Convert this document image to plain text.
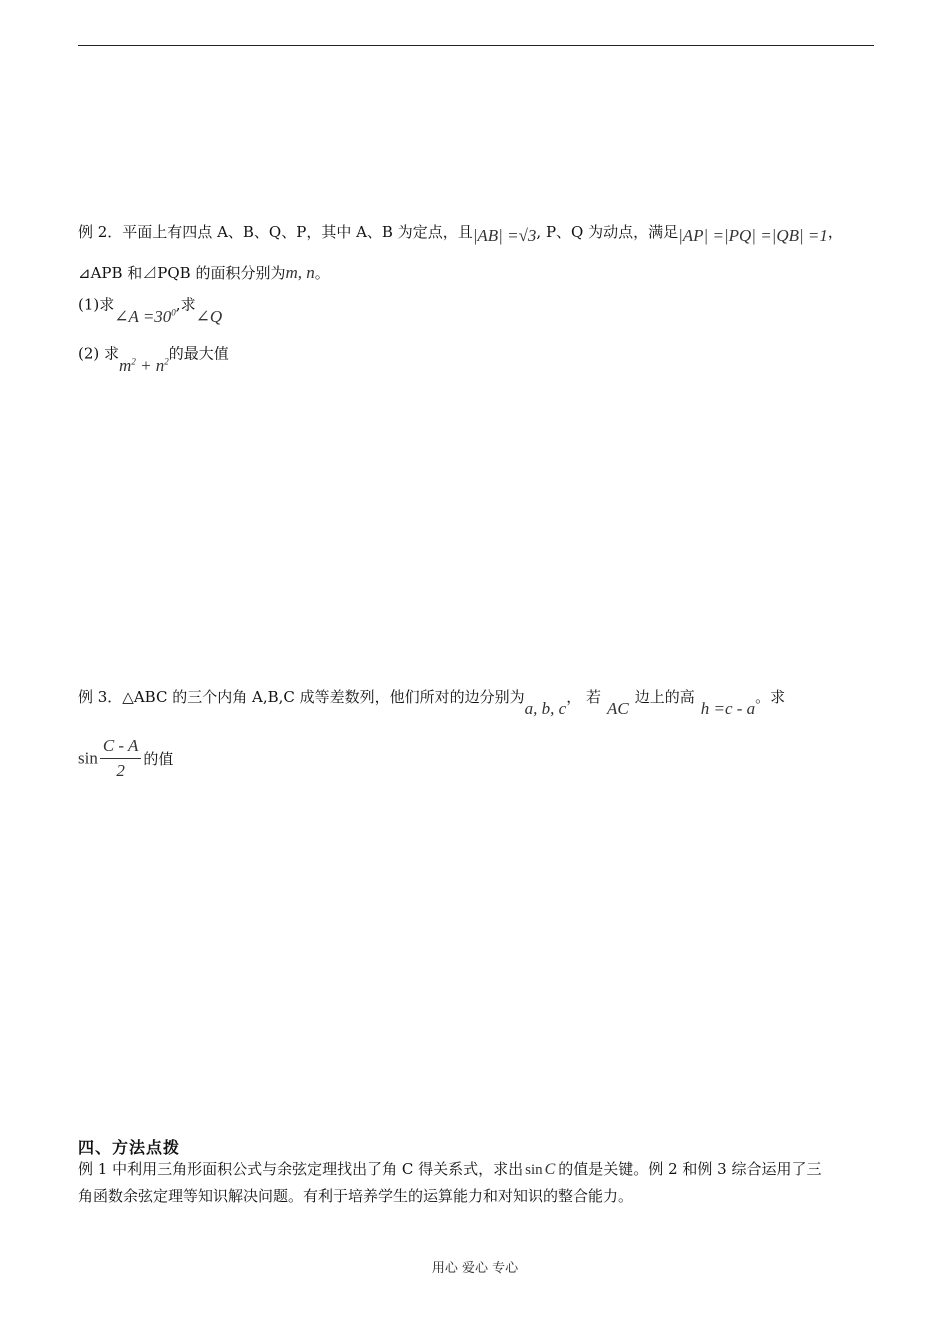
例 2．平面上有四点 A、B、Q、P，其中 A、B 为定点，且|AB| =√3, P、Q 为动点，满足|AP| =|PQ| =|QB| =1，
⊿APB 和⊿PQB 的面积分别为m, n。
(1)求∠A $=30^0$,求∠Q
(2) 求$m^2 + n^2$的最大值
例 3．△ABC 的三个内角 A,B,C 成等差数列，他们所对的边分别为a, b, c， 若AC边上的高h =c - a。求
$\sin \frac{C - A}{2}$ 的值
四、方法点拨
例 1 中利用三角形面积公式与余弦定理找出了角 C 得关系式，求出 sin C 的值是关键。例 2 和例 3 综合运用了三
角函数余弦定理等知识解决问题。有利于培养学生的运算能力和对知识的整合能力。
用心 爱心 专心
